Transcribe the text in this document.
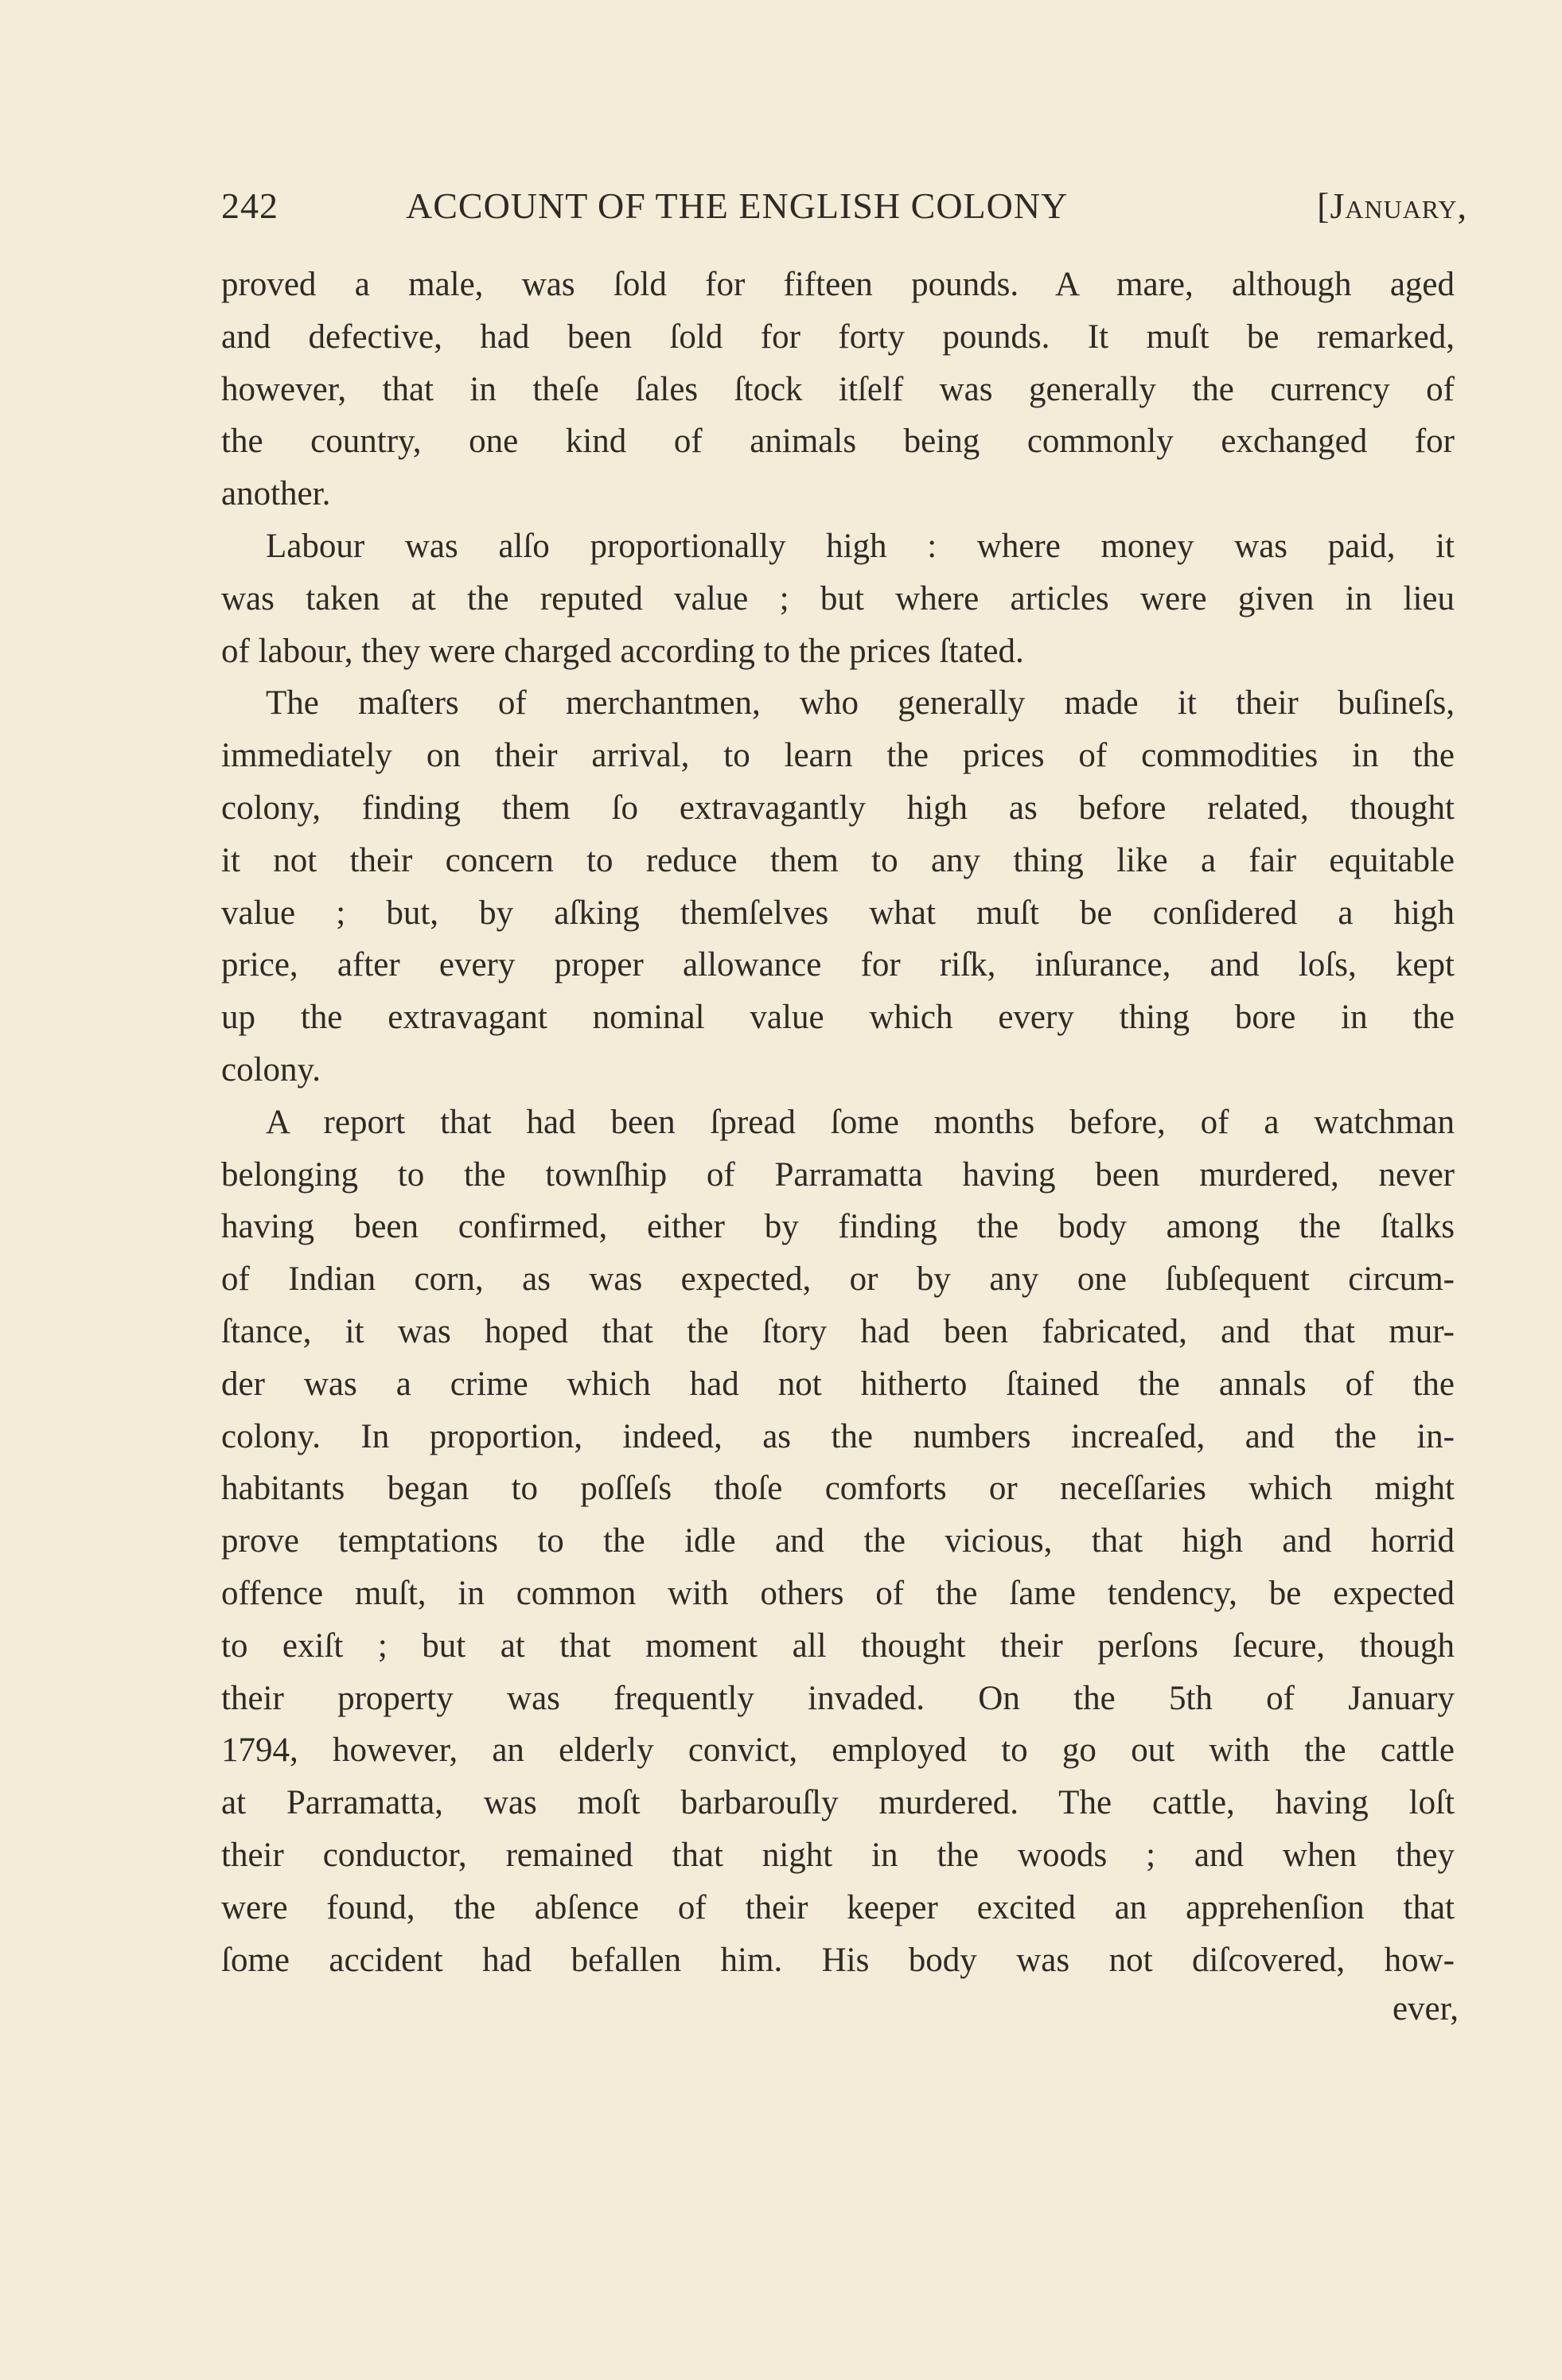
242	ACCOUNT OF THE ENGLISH COLONY	[January,
proved a male, was ſold for fifteen pounds. A mare, although aged
and defective, had been ſold for forty pounds. It muſt be remarked,
however, that in theſe ſales ſtock itſelf was generally the currency of
the country, one kind of animals being commonly exchanged for
another.
Labour was alſo proportionally high : where money was paid, it
was taken at the reputed value ; but where articles were given in lieu
of labour, they were charged according to the prices ſtated.
The maſters of merchantmen, who generally made it their buſineſs,
immediately on their arrival, to learn the prices of commodities in the
colony, finding them ſo extravagantly high as before related, thought
it not their concern to reduce them to any thing like a fair equitable
value ; but, by aſking themſelves what muſt be conſidered a high
price, after every proper allowance for riſk, inſurance, and loſs, kept
up the extravagant nominal value which every thing bore in the
colony.
A report that had been ſpread ſome months before, of a watchman
belonging to the townſhip of Parramatta having been murdered, never
having been confirmed, either by finding the body among the ſtalks
of Indian corn, as was expected, or by any one ſubſequent circum-
ſtance, it was hoped that the ſtory had been fabricated, and that mur-
der was a crime which had not hitherto ſtained the annals of the
colony. In proportion, indeed, as the numbers increaſed, and the in-
habitants began to poſſeſs thoſe comforts or neceſſaries which might
prove temptations to the idle and the vicious, that high and horrid
offence muſt, in common with others of the ſame tendency, be expected
to exiſt ; but at that moment all thought their perſons ſecure, though
their property was frequently invaded. On the 5th of January
1794, however, an elderly convict, employed to go out with the cattle
at Parramatta, was moſt barbarouſly murdered. The cattle, having loſt
their conductor, remained that night in the woods ; and when they
were found, the abſence of their keeper excited an apprehenſion that
ſome accident had befallen him. His body was not diſcovered, how-
ever,
